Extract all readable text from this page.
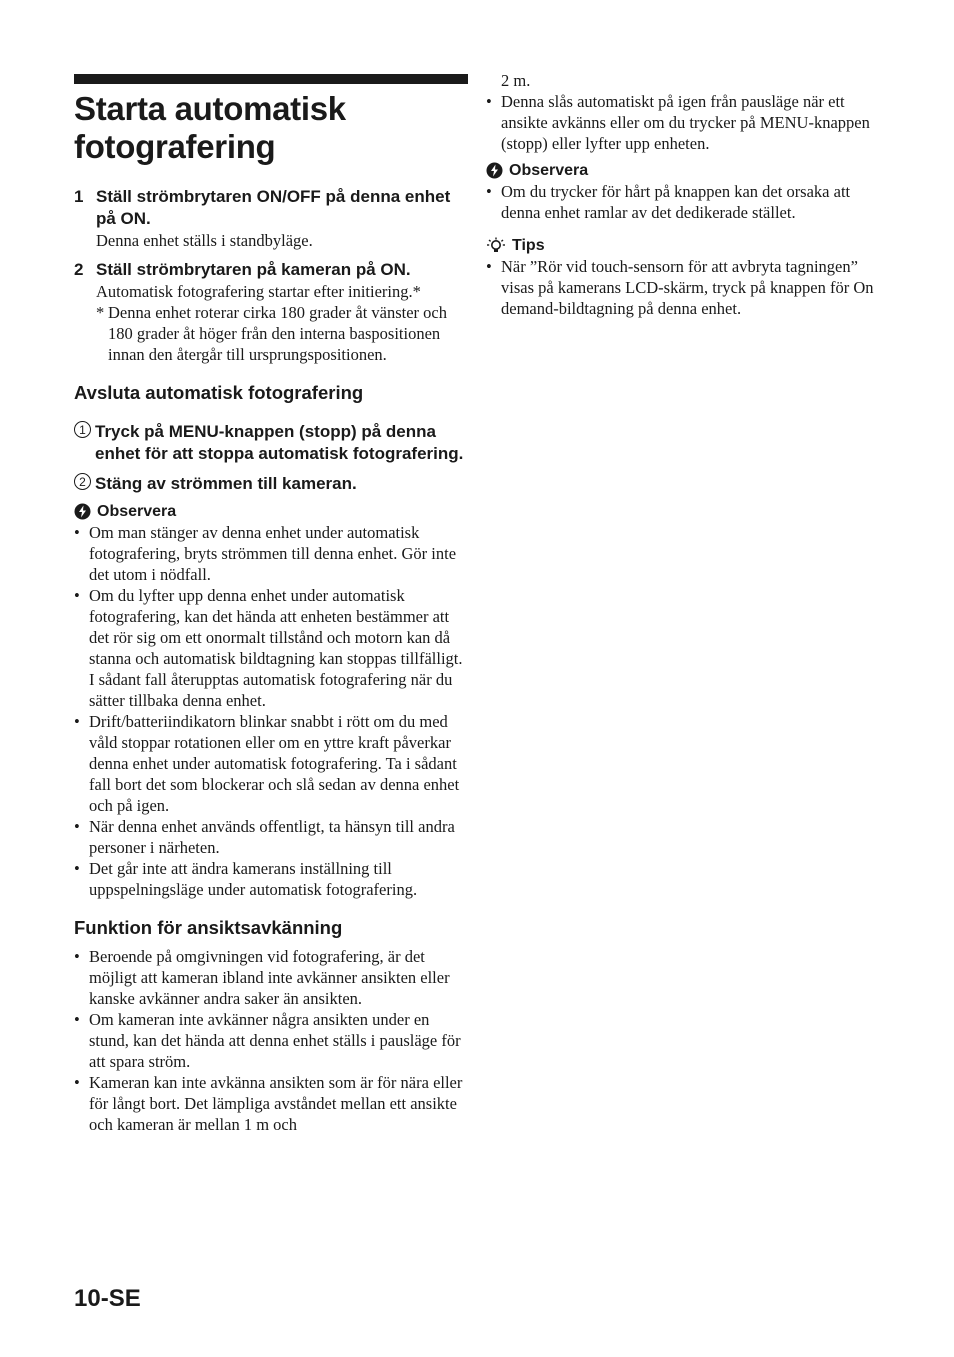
Starta automatisk fotografering
1 Ställ strömbrytaren ON/OFF på denna enhet på ON.
Denna enhet ställs i standbyläge.
2 Ställ strömbrytaren på kameran på ON.
Automatisk fotografering startar efter initiering.*
* Denna enhet roterar cirka 180 grader åt vänster och 180 grader åt höger från den interna baspositionen innan den återgår till ursprungspositionen.
Avsluta automatisk fotografering
1 Tryck på MENU-knappen (stopp) på denna enhet för att stoppa automatisk fotografering.
2 Stäng av strömmen till kameran.
Observera
• Om man stänger av denna enhet under automatisk fotografering, bryts strömmen till denna enhet. Gör inte det utom i nödfall.
• Om du lyfter upp denna enhet under automatisk fotografering, kan det hända att enheten bestämmer att det rör sig om ett onormalt tillstånd och motorn kan då stanna och automatisk bildtagning kan stoppas tillfälligt. I sådant fall återupptas automatisk fotografering när du sätter tillbaka denna enhet.
• Drift/batteriindikatorn blinkar snabbt i rött om du med våld stoppar rotationen eller om en yttre kraft påverkar denna enhet under automatisk fotografering. Ta i sådant fall bort det som blockerar och slå sedan av denna enhet och på igen.
• När denna enhet används offentligt, ta hänsyn till andra personer i närheten.
• Det går inte att ändra kamerans inställning till uppspelningsläge under automatisk fotografering.
Funktion för ansiktsavkänning
• Beroende på omgivningen vid fotografering, är det möjligt att kameran ibland inte avkänner ansikten eller kanske avkänner andra saker än ansikten.
• Om kameran inte avkänner några ansikten under en stund, kan det hända att denna enhet ställs i pausläge för att spara ström.
• Kameran kan inte avkänna ansikten som är för nära eller för långt bort. Det lämpliga avståndet mellan ett ansikte och kameran är mellan 1 m och
2 m.
• Denna slås automatiskt på igen från pausläge när ett ansikte avkänns eller om du trycker på MENU-knappen (stopp) eller lyfter upp enheten.
Observera
• Om du trycker för hårt på knappen kan det orsaka att denna enhet ramlar av det dedikerade stället.
Tips
• När ”Rör vid touch-sensorn för att avbryta tagningen” visas på kamerans LCD-skärm, tryck på knappen för On demand-bildtagning på denna enhet.
10-SE
